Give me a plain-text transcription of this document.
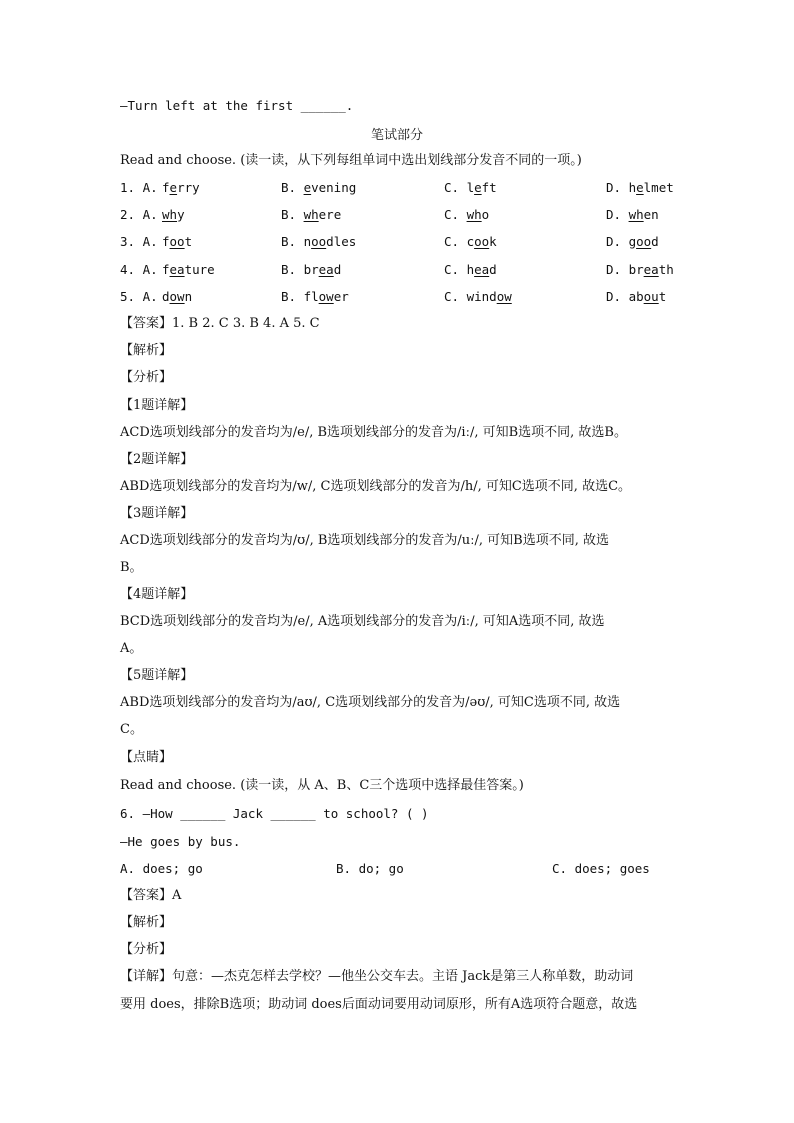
—Turn left at the first ______.
笔试部分
Read and choose. (读一读，从下列每组单词中选出划线部分发音不同的一项。)
1. A. ferry	B. evening	C. left	D. helmet
2. A. why	B. where	C. who	D. when
3. A. foot	B. noodles	C. cook	D. good
4. A. feature	B. bread	C. head	D. breath
5. A. down	B. flower	C. window	D. about
【答案】1. B 2. C 3. B 4. A 5. C
【解析】
【分析】
【1题详解】
ACD选项划线部分的发音均为/e/, B选项划线部分的发音为/iː/, 可知B选项不同, 故选B。
【2题详解】
ABD选项划线部分的发音均为/w/, C选项划线部分的发音为/h/, 可知C选项不同, 故选C。
【3题详解】
ACD选项划线部分的发音均为/ʊ/, B选项划线部分的发音为/uː/, 可知B选项不同, 故选
B。
【4题详解】
BCD选项划线部分的发音均为/e/, A选项划线部分的发音为/iː/, 可知A选项不同, 故选
A。
【5题详解】
ABD选项划线部分的发音均为/aʊ/, C选项划线部分的发音为/əʊ/, 可知C选项不同, 故选
C。
【点睛】
Read and choose. (读一读，从 A、B、C三个选项中选择最佳答案。)
6. —How ______ Jack ______ to school? ( )
—He goes by bus.
A. does; go	B. do; go	C. does; goes
【答案】A
【解析】
【分析】
【详解】句意：—杰克怎样去学校？—他坐公交车去。主语 Jack是第三人称单数，助动词
要用 does，排除B选项；助动词 does后面动词要用动词原形，所有A选项符合题意，故选
